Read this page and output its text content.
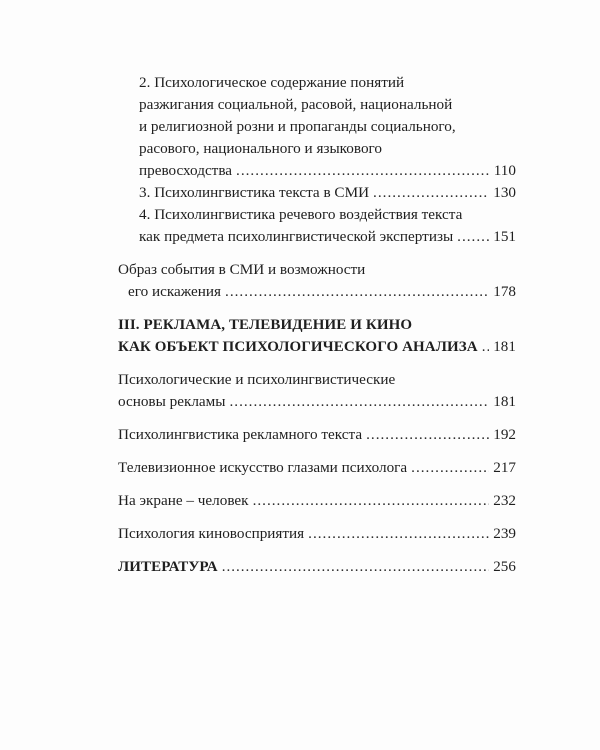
2. Психологическое содержание понятий
разжигания социальной, расовой, национальной
и религиозной розни и пропаганды социального,
расового, национального и языкового
превосходства .....	110
3. Психолингвистика текста в СМИ .....	130
4. Психолингвистика речевого воздействия текста
как предмета психолингвистической экспертизы .....	151
Образ события в СМИ и возможности
его искажения .....	178
III. РЕКЛАМА, ТЕЛЕВИДЕНИЕ И КИНО
КАК ОБЪЕКТ ПСИХОЛОГИЧЕСКОГО АНАЛИЗА ..... 181
Психологические и психолингвистические
основы рекламы .....	181
Психолингвистика рекламного текста .....	192
Телевизионное искусство глазами психолога .....	217
На экране – человек .....	232
Психология киновосприятия .....	239
ЛИТЕРАТУРА .....	256
